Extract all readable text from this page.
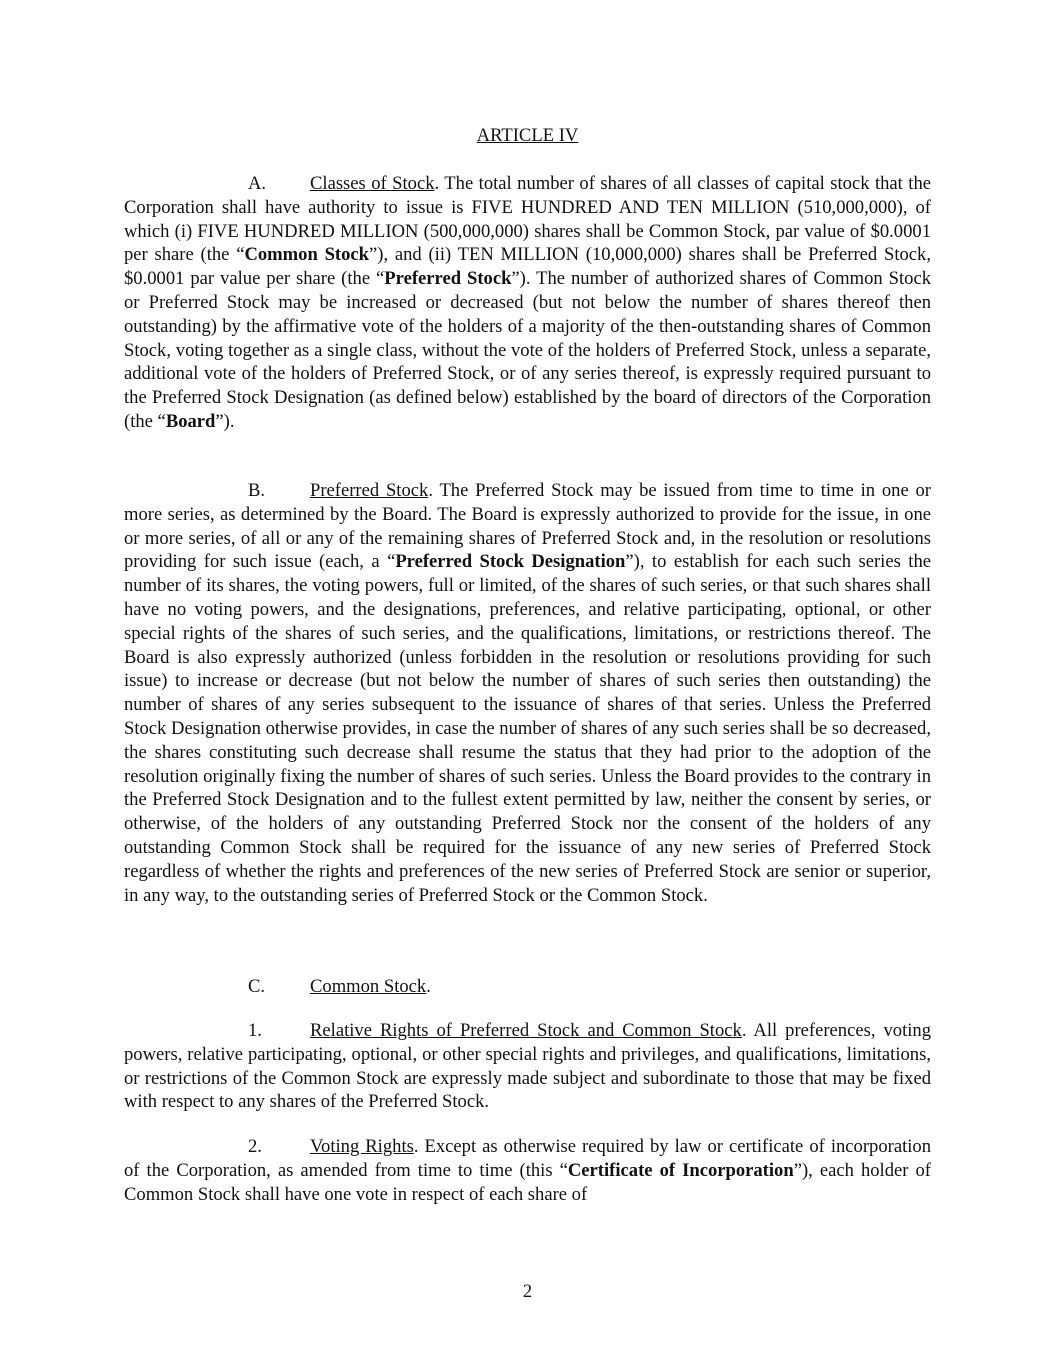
ARTICLE IV

A. Classes of Stock. The total number of shares of all classes of capital stock that the Corporation shall have authority to issue is FIVE HUNDRED AND TEN MILLION (510,000,000), of which (i) FIVE HUNDRED MILLION (500,000,000) shares shall be Common Stock, par value of $0.0001 per share (the “Common Stock”), and (ii) TEN MILLION (10,000,000) shares shall be Preferred Stock, $0.0001 par value per share (the “Preferred Stock”). The number of authorized shares of Common Stock or Preferred Stock may be increased or decreased (but not below the number of shares thereof then outstanding) by the affirmative vote of the holders of a majority of the then-outstanding shares of Common Stock, voting together as a single class, without the vote of the holders of Preferred Stock, unless a separate, additional vote of the holders of Preferred Stock, or of any series thereof, is expressly required pursuant to the Preferred Stock Designation (as defined below) established by the board of directors of the Corporation (the “Board”).

B. Preferred Stock. The Preferred Stock may be issued from time to time in one or more series, as determined by the Board. The Board is expressly authorized to provide for the issue, in one or more series, of all or any of the remaining shares of Preferred Stock and, in the resolution or resolutions providing for such issue (each, a “Preferred Stock Designation”), to establish for each such series the number of its shares, the voting powers, full or limited, of the shares of such series, or that such shares shall have no voting powers, and the designations, preferences, and relative participating, optional, or other special rights of the shares of such series, and the qualifications, limitations, or restrictions thereof. The Board is also expressly authorized (unless forbidden in the resolution or resolutions providing for such issue) to increase or decrease (but not below the number of shares of such series then outstanding) the number of shares of any series subsequent to the issuance of shares of that series. Unless the Preferred Stock Designation otherwise provides, in case the number of shares of any such series shall be so decreased, the shares constituting such decrease shall resume the status that they had prior to the adoption of the resolution originally fixing the number of shares of such series. Unless the Board provides to the contrary in the Preferred Stock Designation and to the fullest extent permitted by law, neither the consent by series, or otherwise, of the holders of any outstanding Preferred Stock nor the consent of the holders of any outstanding Common Stock shall be required for the issuance of any new series of Preferred Stock regardless of whether the rights and preferences of the new series of Preferred Stock are senior or superior, in any way, to the outstanding series of Preferred Stock or the Common Stock.

C. Common Stock.

1.	Relative Rights of Preferred Stock and Common Stock. All preferences, voting powers, relative participating, optional, or other special rights and privileges, and qualifications, limitations, or restrictions of the Common Stock are expressly made subject and subordinate to those that may be fixed with respect to any shares of the Preferred Stock.

2.	Voting Rights. Except as otherwise required by law or certificate of incorporation of the Corporation, as amended from time to time (this “Certificate of Incorporation”), each holder of Common Stock shall have one vote in respect of each share of

2
